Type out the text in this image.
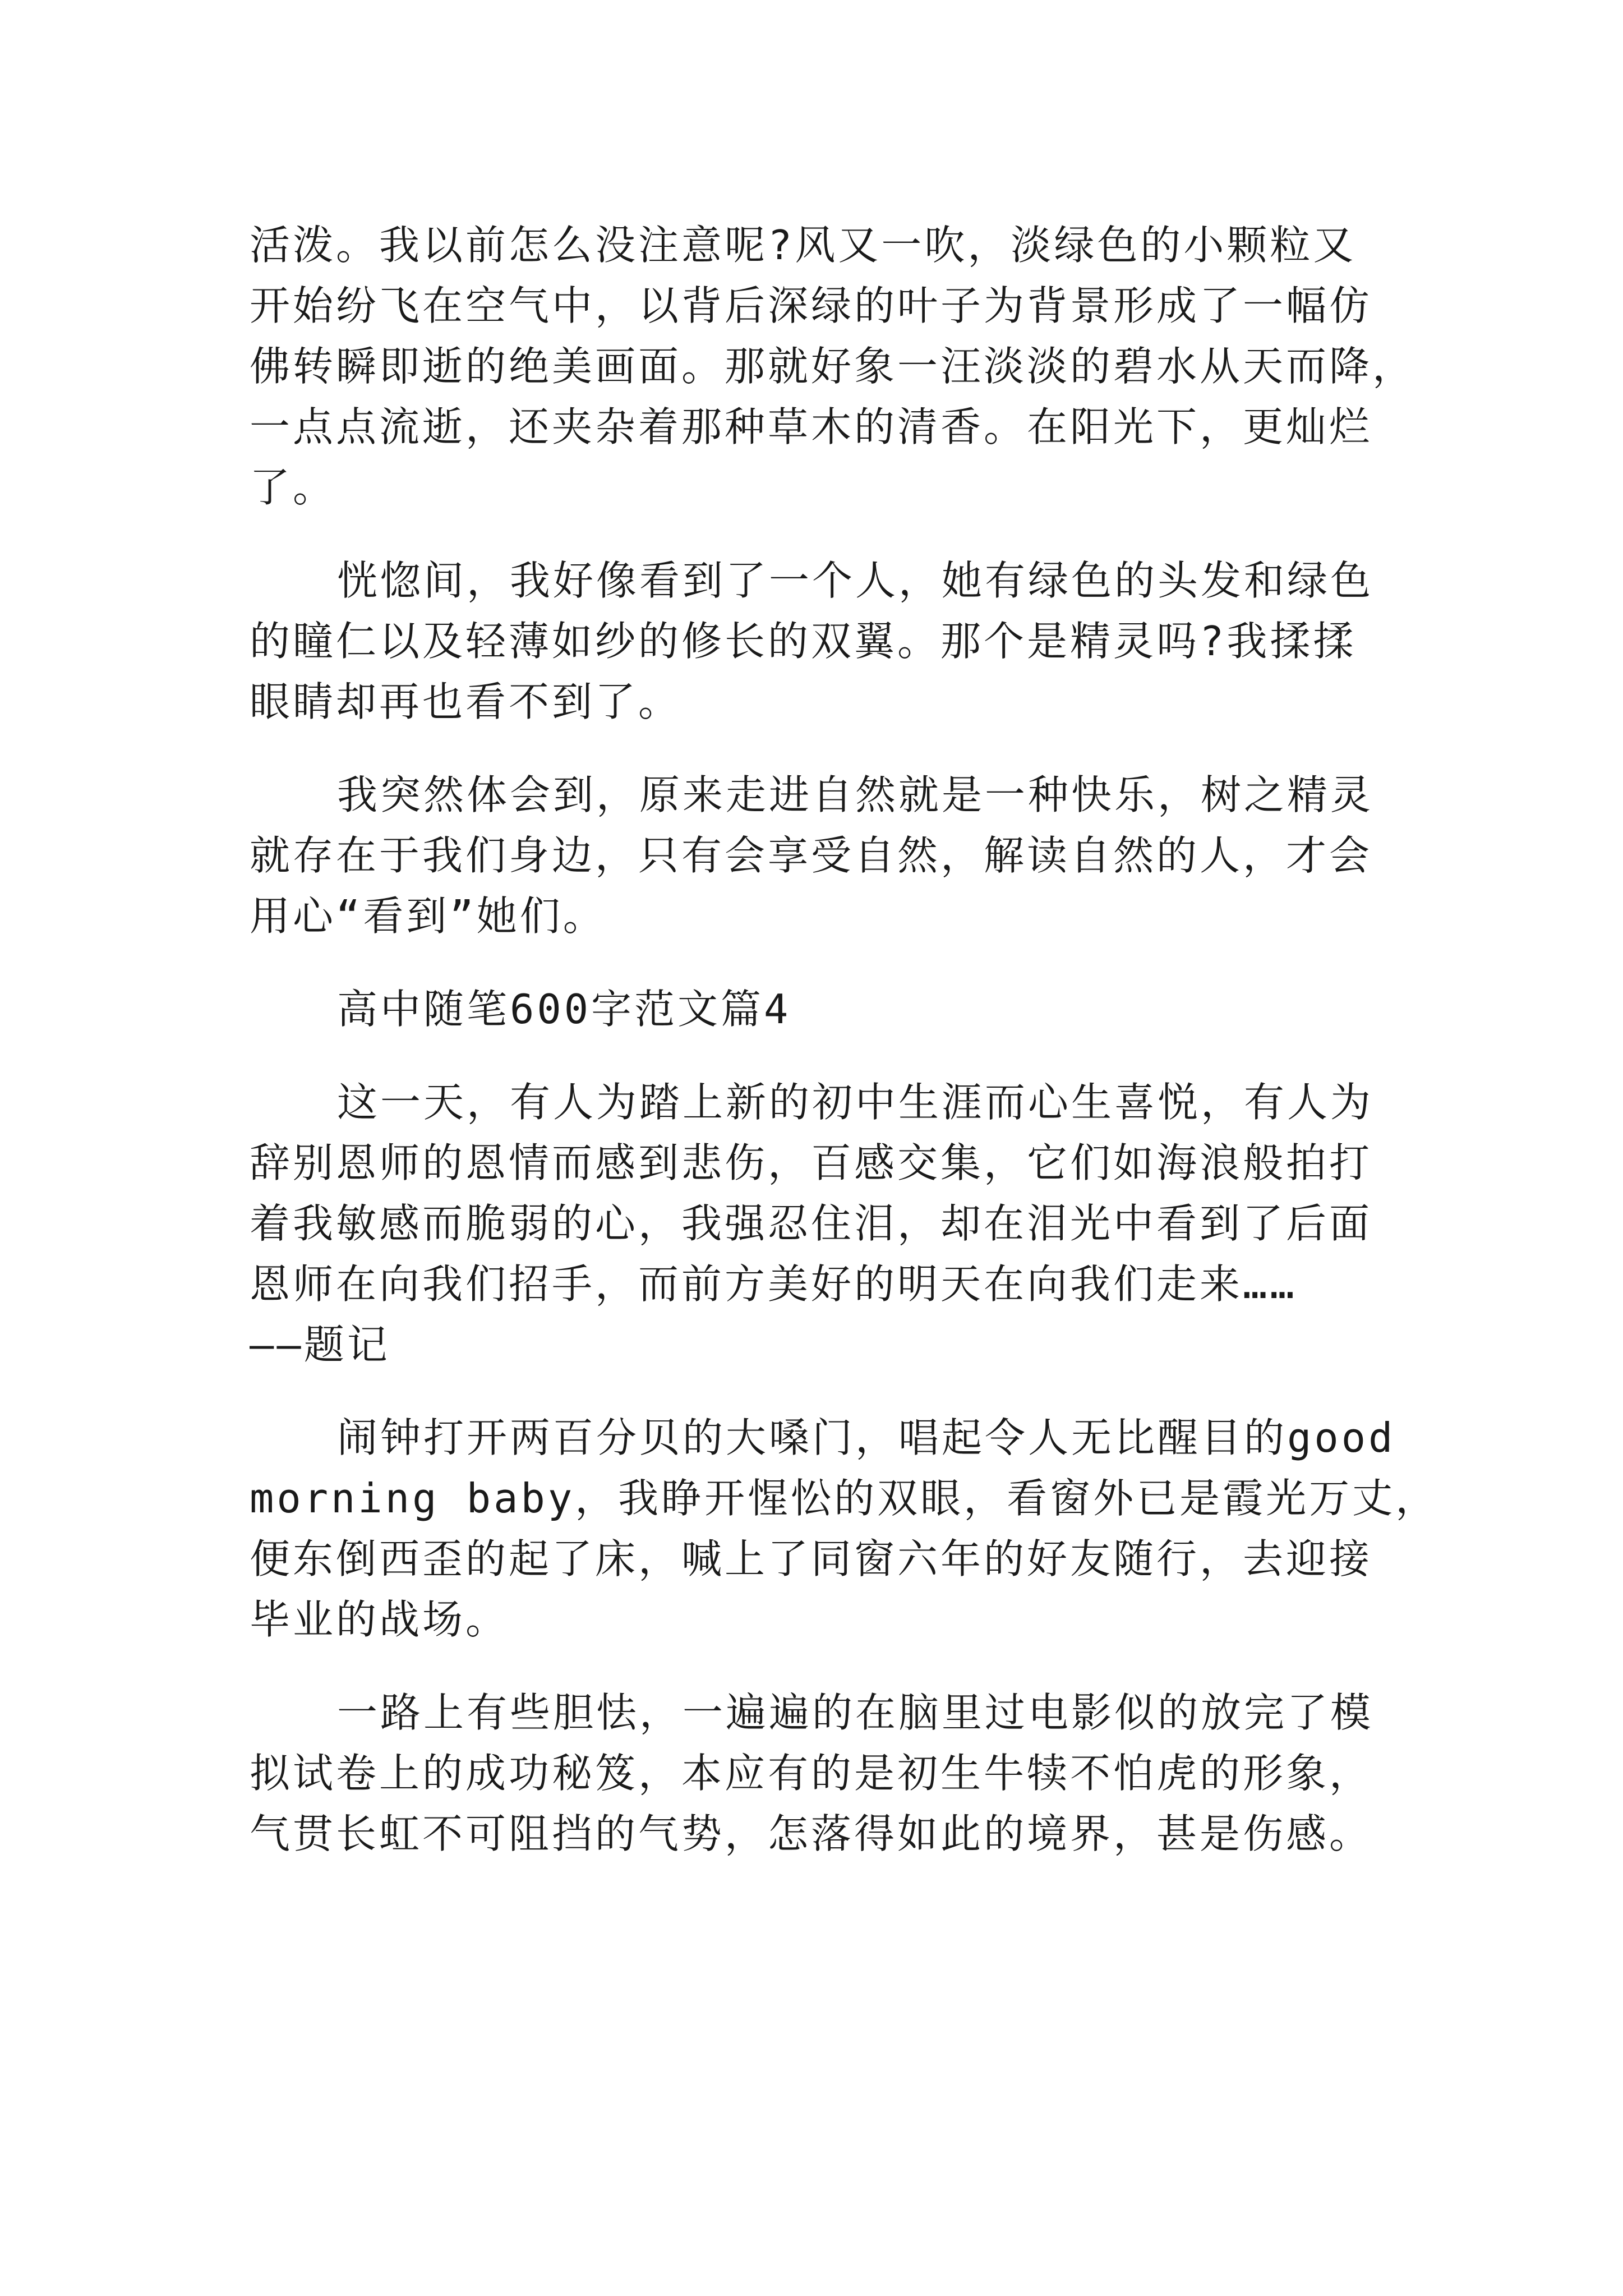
活泼。我以前怎么没注意呢?风又一吹，淡绿色的小颗粒又
开始纷飞在空气中，以背后深绿的叶子为背景形成了一幅仿
佛转瞬即逝的绝美画面。那就好象一汪淡淡的碧水从天而降，
一点点流逝，还夹杂着那种草木的清香。在阳光下，更灿烂
了。
恍惚间，我好像看到了一个人，她有绿色的头发和绿色
的瞳仁以及轻薄如纱的修长的双翼。那个是精灵吗?我揉揉
眼睛却再也看不到了。
我突然体会到，原来走进自然就是一种快乐，树之精灵
就存在于我们身边，只有会享受自然，解读自然的人，才会
用心“看到”她们。
高中随笔600字范文篇4
这一天，有人为踏上新的初中生涯而心生喜悦，有人为
辞别恩师的恩情而感到悲伤，百感交集，它们如海浪般拍打
着我敏感而脆弱的心，我强忍住泪，却在泪光中看到了后面
恩师在向我们招手，而前方美好的明天在向我们走来……
——题记
闹钟打开两百分贝的大嗓门，唱起令人无比醒目的good
morning baby，我睁开惺忪的双眼，看窗外已是霞光万丈，
便东倒西歪的起了床，喊上了同窗六年的好友随行，去迎接
毕业的战场。
一路上有些胆怯，一遍遍的在脑里过电影似的放完了模
拟试卷上的成功秘笈，本应有的是初生牛犊不怕虎的形象，
气贯长虹不可阻挡的气势，怎落得如此的境界，甚是伤感。
